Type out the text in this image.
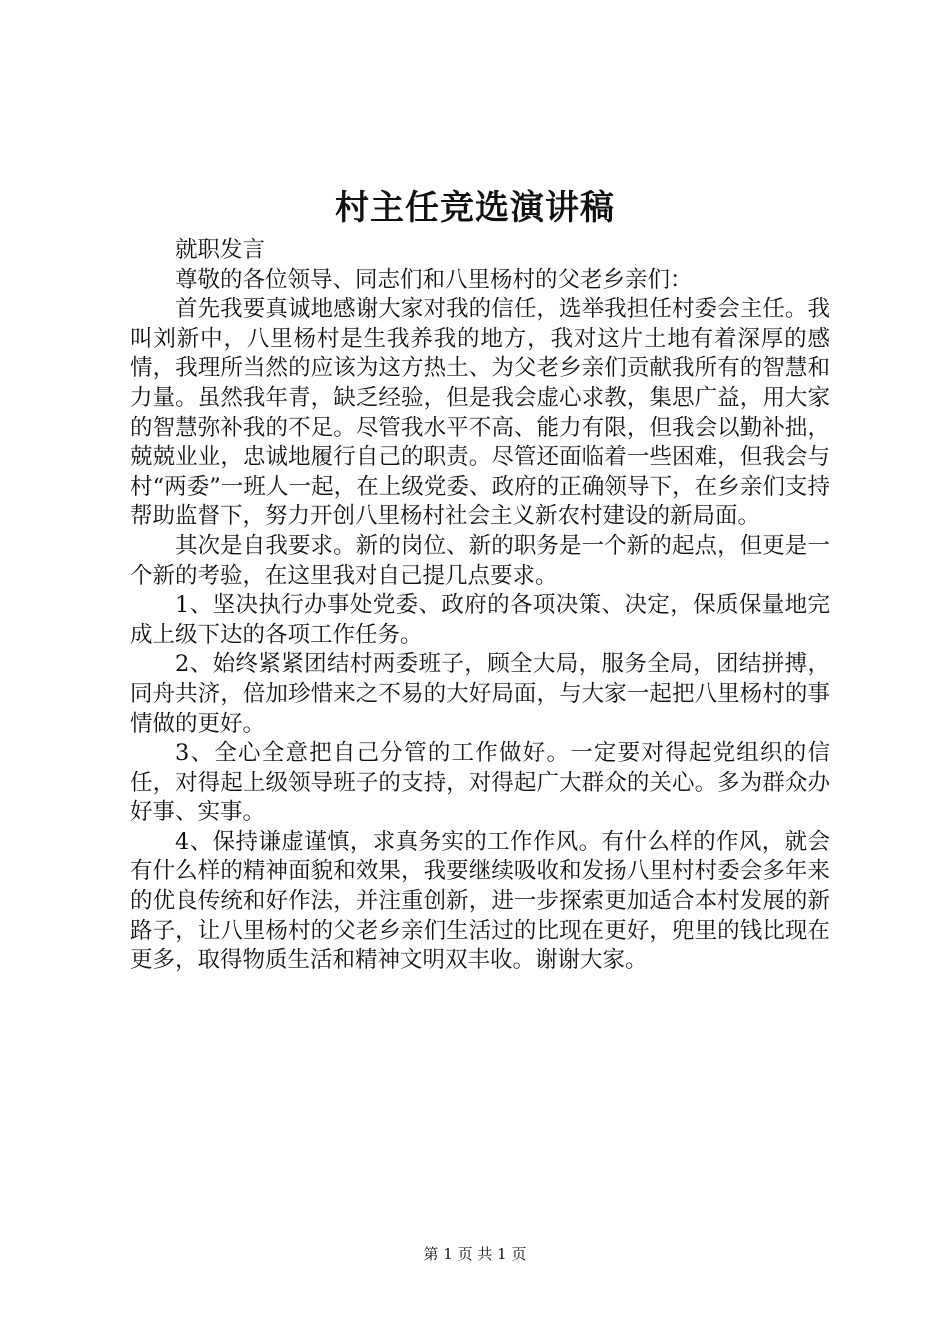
村主任竞选演讲稿

就职发言

尊敬的各位领导、同志们和八里杨村的父老乡亲们：

首先我要真诚地感谢大家对我的信任，选举我担任村委会主任。我叫刘新中，八里杨村是生我养我的地方，我对这片土地有着深厚的感情，我理所当然的应该为这方热土、为父老乡亲们贡献我所有的智慧和力量。虽然我年青，缺乏经验，但是我会虚心求教，集思广益，用大家的智慧弥补我的不足。尽管我水平不高、能力有限，但我会以勤补拙，兢兢业业，忠诚地履行自己的职责。尽管还面临着一些困难，但我会与村“两委”一班人一起，在上级党委、政府的正确领导下，在乡亲们支持帮助监督下，努力开创八里杨村社会主义新农村建设的新局面。

其次是自我要求。新的岗位、新的职务是一个新的起点，但更是一个新的考验，在这里我对自己提几点要求。

1、坚决执行办事处党委、政府的各项决策、决定，保质保量地完成上级下达的各项工作任务。

2、始终紧紧团结村两委班子，顾全大局，服务全局，团结拼搏，同舟共济，倍加珍惜来之不易的大好局面，与大家一起把八里杨村的事情做的更好。

3、全心全意把自己分管的工作做好。一定要对得起党组织的信任，对得起上级领导班子的支持，对得起广大群众的关心。多为群众办好事、实事。

4、保持谦虚谨慎，求真务实的工作作风。有什么样的作风，就会有什么样的精神面貌和效果，我要继续吸收和发扬八里村村委会多年来的优良传统和好作法，并注重创新，进一步探索更加适合本村发展的新路子，让八里杨村的父老乡亲们生活过的比现在更好，兜里的钱比现在更多，取得物质生活和精神文明双丰收。谢谢大家。

第 1 页 共 1 页
